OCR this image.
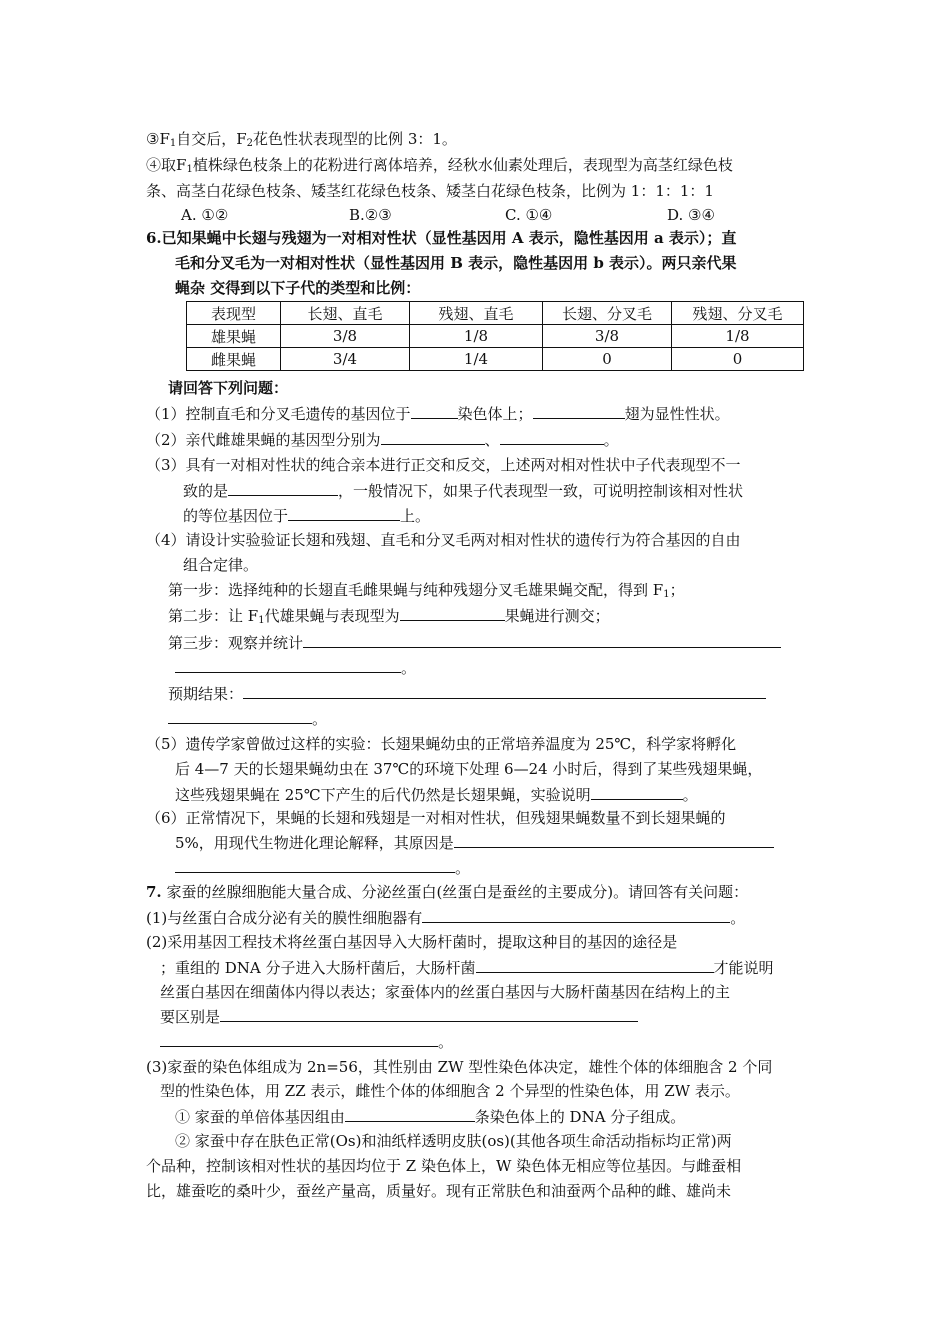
$③F_1$自交后，$F_2$花色性状表现型的比例 3：1。
④取$F_1$植株绿色枝条上的花粉进行离体培养，经秋水仙素处理后，表现型为高茎红绿色枝
条、高茎白花绿色枝条、矮茎红花绿色枝条、矮茎白花绿色枝条，比例为 1：1：1：1
A. ①②	B.②③	C. ①④	D. ③④
6.已知果蝇中长翅与残翅为一对相对性状（显性基因用 A 表示，隐性基因用 a 表示）；直
毛和分叉毛为一对相对性状（显性基因用 B 表示，隐性基因用 b 表示）。两只亲代果
蝇杂 交得到以下子代的类型和比例：
表现型	长翅、直毛	残翅、直毛	长翅、分叉毛	残翅、分叉毛
雄果蝇	3/8	1/8	3/8	1/8
雌果蝇	3/4	1/4	0	0
请回答下列问题：
（1）控制直毛和分叉毛遗传的基因位于	染色体上；	翅为显性性状。
（2）亲代雌雄果蝇的基因型分别为	、	。
（3）具有一对相对性状的纯合亲本进行正交和反交，上述两对相对性状中子代表现型不一
致的是	，一般情况下，如果子代表现型一致，可说明控制该相对性状
的等位基因位于	上。
（4）请设计实验验证长翅和残翅、直毛和分叉毛两对相对性状的遗传行为符合基因的自由
组合定律。
第一步：选择纯种的长翅直毛雌果蝇与纯种残翅分叉毛雄果蝇交配，得到 $F_1$；
第二步：让 $F_1$代雄果蝇与表现型为	果蝇进行测交；
第三步：观察并统计
。
预期结果：
。
（5）遗传学家曾做过这样的实验：长翅果蝇幼虫的正常培养温度为 25℃，科学家将孵化
后 4—7 天的长翅果蝇幼虫在 37℃的环境下处理 6—24 小时后，得到了某些残翅果蝇，
这些残翅果蝇在 25℃下产生的后代仍然是长翅果蝇，实验说明	。
（6）正常情况下，果蝇的长翅和残翅是一对相对性状，但残翅果蝇数量不到长翅果蝇的
5%，用现代生物进化理论解释，其原因是
。
7. 家蚕的丝腺细胞能大量合成、分泌丝蛋白(丝蛋白是蚕丝的主要成分)。请回答有关问题：
(1)与丝蛋白合成分泌有关的膜性细胞器有	。
(2)采用基因工程技术将丝蛋白基因导入大肠杆菌时，提取这种目的基因的途径是
；重组的 DNA 分子进入大肠杆菌后，大肠杆菌	才能说明
丝蛋白基因在细菌体内得以表达；家蚕体内的丝蛋白基因与大肠杆菌基因在结构上的主
要区别是
。
(3)家蚕的染色体组成为 2n=56，其性别由 ZW 型性染色体决定，雄性个体的体细胞含 2 个同
型的性染色体，用 ZZ 表示，雌性个体的体细胞含 2 个异型的性染色体，用 ZW 表示。
① 家蚕的单倍体基因组由	条染色体上的 DNA 分子组成。
② 家蚕中存在肤色正常(Os)和油纸样透明皮肤(os)(其他各项生命活动指标均正常)两
个品种，控制该相对性状的基因均位于 Z 染色体上，W 染色体无相应等位基因。与雌蚕相
比，雄蚕吃的桑叶少，蚕丝产量高，质量好。现有正常肤色和油蚕两个品种的雌、雄尚未
